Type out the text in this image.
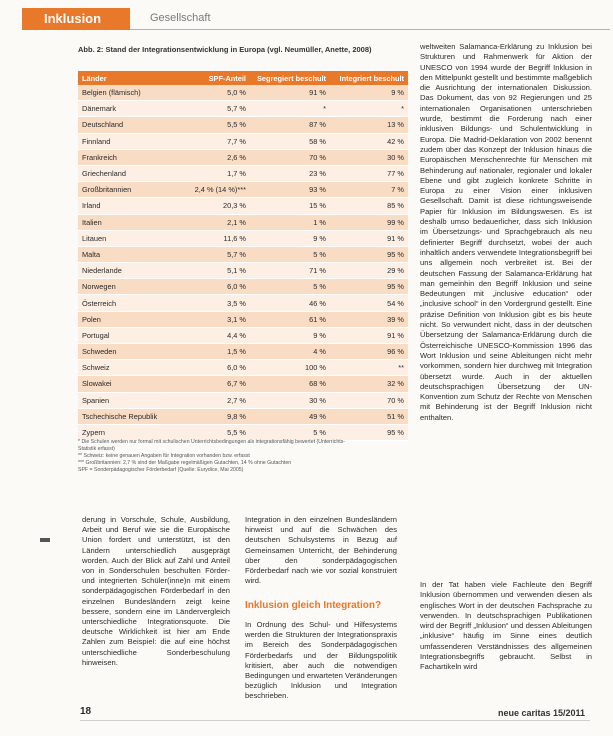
Inklusion	Gesellschaft
Abb. 2: Stand der Integrationsentwicklung in Europa (vgl. Neumüller, Anette, 2008)
Länder	SPF-Anteil	Segregiert beschult	Integriert beschult
Belgien (flämisch)	5,0 %	91 %	9 %
Dänemark	5,7 %	*	*
Deutschland	5,5 %	87 %	13 %
Finnland	7,7 %	58 %	42 %
Frankreich	2,6 %	70 %	30 %
Griechenland	1,7 %	23 %	77 %
Großbritannien	2,4 % (14 %)***	93 %	7 %
Irland	20,3 %	15 %	85 %
Italien	2,1 %	1 %	99 %
Litauen	11,6 %	9 %	91 %
Malta	5,7 %	5 %	95 %
Niederlande	5,1 %	71 %	29 %
Norwegen	6,0 %	5 %	95 %
Österreich	3,5 %	46 %	54 %
Polen	3,1 %	61 %	39 %
Portugal	4,4 %	9 %	91 %
Schweden	1,5 %	4 %	96 %
Schweiz	6,0 %	100 %	**
Slowakei	6,7 %	68 %	32 %
Spanien	2,7 %	30 %	70 %
Tschechische Republik	9,8 %	49 %	51 %
Zypern	5,5 %	5 %	95 %
* Die Schulen werden nur formal mit schulischen Unterrichtsbedingungen als integrationsfähig bewertet (Unterrichts-
Statistik erfasst)
** Schweiz: keine genauen Angaben für Integration vorhanden bzw. erfasst
*** Großbritannien: 2,7 % sind der Maßgabe regelmäßigen Gutachten, 14 % ohne Gutachten
SPF = Sonderpädagogischer Förderbedarf (Quelle: Eurydice, Mai 2005)

derung in Vorschule, Schule, Ausbildung, Arbeit und Beruf wie sie die Europäische Union fordert und unterstützt, ist den Ländern unterschiedlich ausgeprägt worden. Auch der Blick auf Zahl und Anteil von in Sonderschulen beschulten Förder- und integrierten Schüler(inne)n mit einem sonderpädagogischen Förderbedarf in den einzelnen Bundesländern zeigt keine bessere, sondern eine im Ländervergleich unterschiedliche Integrationsquote. Die deutsche Wirklichkeit ist hier am Ende Zahlen zum Beispiel: die auf eine höchst unterschiedliche Sonderbeschulung hinweisen.

Integration in den einzelnen Bundesländern hinweist und auf die Schwächen des deutschen Schulsystems in Bezug auf Gemeinsamen Unterricht, der Behinderung über den sonderpädagogischen Förderbedarf nach wie vor sozial konstruiert wird.

Inklusion gleich Integration?

In Ordnung des Schul- und Hilfesystems werden die Strukturen der Integrationspraxis im Bereich des Sonderpädagogischen Förderbedarfs und der Bildungspolitik kritisiert, aber auch die notwendigen Bedingungen und erwarteten Veränderungen bezüglich Inklusion und Integration beschrieben.

weltweiten Salamanca-Erklärung zu Inklusion bei Strukturen und Rahmenwerk für Aktion der UNESCO von 1994 wurde der Begriff Inklusion in den Mittelpunkt gestellt und bestimmte maßgeblich die Ausrichtung der internationalen Diskussion. Das Dokument, das von 92 Regierungen und 25 internationalen Organisationen unterschrieben wurde, bestimmt die Forderung nach einer inklusiven Bildungs- und Schulentwicklung in Europa. Die Madrid-Deklaration von 2002 benennt zudem über das Konzept der Inklusion hinaus die Europäischen Menschenrechte für Menschen mit Behinderung auf nationaler, regionaler und lokaler Ebene und gibt zugleich konkrete Schritte in Europa zu einer Vision einer inklusiven Gesellschaft. Damit ist diese richtungsweisende Papier für Inklusion im Bildungswesen. Es ist deshalb umso bedauerlicher, dass sich Inklusion im Übersetzungs- und Sprachgebrauch als neu definierter Begriff durchsetzt, wobei der auch inhaltlich anders verwendete Integrationsbegriff bei uns allgemein noch verbreitet ist. Bei der deutschen Fassung der Salamanca-Erklärung hat man gemeinhin den Begriff Inklusion und seine Bedeutungen mit „inclusive education“ oder „inclusive school“ in den Vordergrund gestellt. Eine präzise Definition von Inklusion gibt es bis heute nicht. So verwundert nicht, dass in der deutschen Übersetzung der Salamanca-Erklärung durch die Österreichische UNESCO-Kommission 1996 das Wort Inklusion und seine Ableitungen nicht mehr vorkommen, sondern hier durchweg mit Integration übersetzt wurde. Auch in der aktuellen deutschsprachigen Übersetzung der UN-Konvention zum Schutz der Rechte von Menschen mit Behinderung ist der Begriff Inklusion nicht enthalten.

In der Tat haben viele Fachleute den Begriff Inklusion übernommen und verwenden diesen als englisches Wort in der deutschen Fachsprache zu verwenden. In deutschsprachigen Publikationen wird der Begriff „Inklusion“ und dessen Ableitungen „inklusive“ häufig im Sinne eines deutlich umfassenderen Verständnisses des allgemeinen Integrationsbegriffs gebraucht. Selbst in Fachartikeln wird

18	neue caritas 15/2011
